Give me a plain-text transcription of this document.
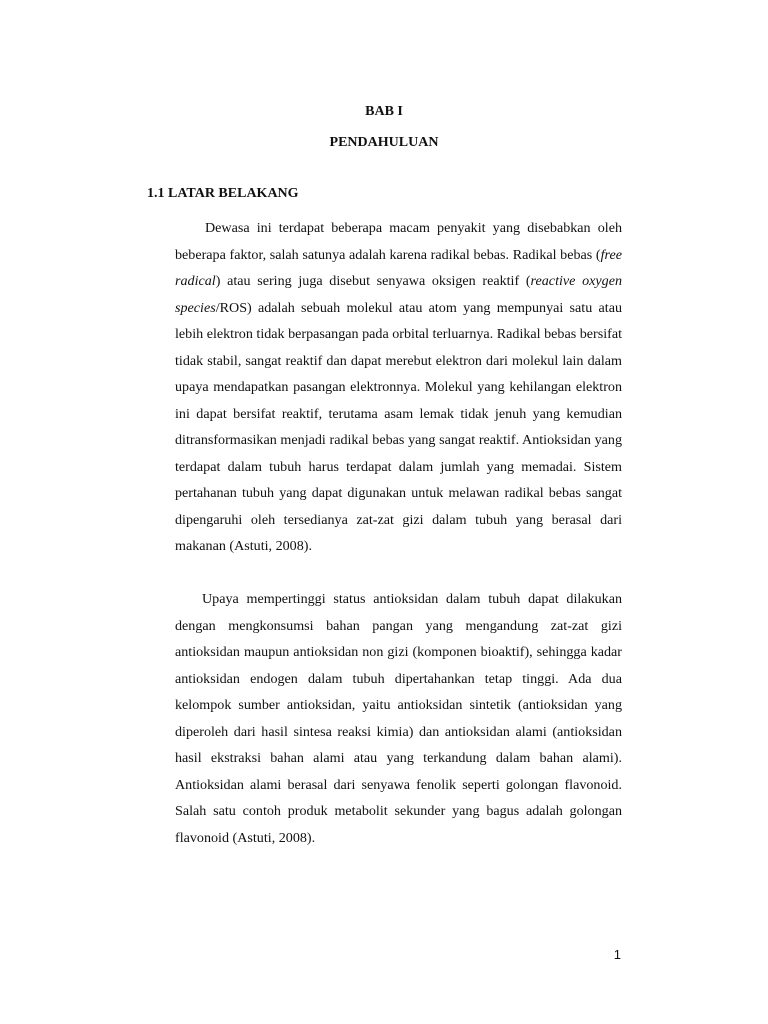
BAB I
PENDAHULUAN
1.1 LATAR BELAKANG

Dewasa ini terdapat beberapa macam penyakit yang disebabkan oleh beberapa faktor, salah satunya adalah karena radikal bebas. Radikal bebas (free radical) atau sering juga disebut senyawa oksigen reaktif (reactive oxygen species/ROS) adalah sebuah molekul atau atom yang mempunyai satu atau lebih elektron tidak berpasangan pada orbital terluarnya. Radikal bebas bersifat tidak stabil, sangat reaktif dan dapat merebut elektron dari molekul lain dalam upaya mendapatkan pasangan elektronnya. Molekul yang kehilangan elektron ini dapat bersifat reaktif, terutama asam lemak tidak jenuh yang kemudian ditransformasikan menjadi radikal bebas yang sangat reaktif. Antioksidan yang terdapat dalam tubuh harus terdapat dalam jumlah yang memadai. Sistem pertahanan tubuh yang dapat digunakan untuk melawan radikal bebas sangat dipengaruhi oleh tersedianya zat-zat gizi dalam tubuh yang berasal dari makanan (Astuti, 2008).

Upaya mempertinggi status antioksidan dalam tubuh dapat dilakukan dengan mengkonsumsi bahan pangan yang mengandung zat-zat gizi antioksidan maupun antioksidan non gizi (komponen bioaktif), sehingga kadar antioksidan endogen dalam tubuh dipertahankan tetap tinggi. Ada dua kelompok sumber antioksidan, yaitu antioksidan sintetik (antioksidan yang diperoleh dari hasil sintesa reaksi kimia) dan antioksidan alami (antioksidan hasil ekstraksi bahan alami atau yang terkandung dalam bahan alami). Antioksidan alami berasal dari senyawa fenolik seperti golongan flavonoid. Salah satu contoh produk metabolit sekunder yang bagus adalah golongan flavonoid (Astuti, 2008).

1
